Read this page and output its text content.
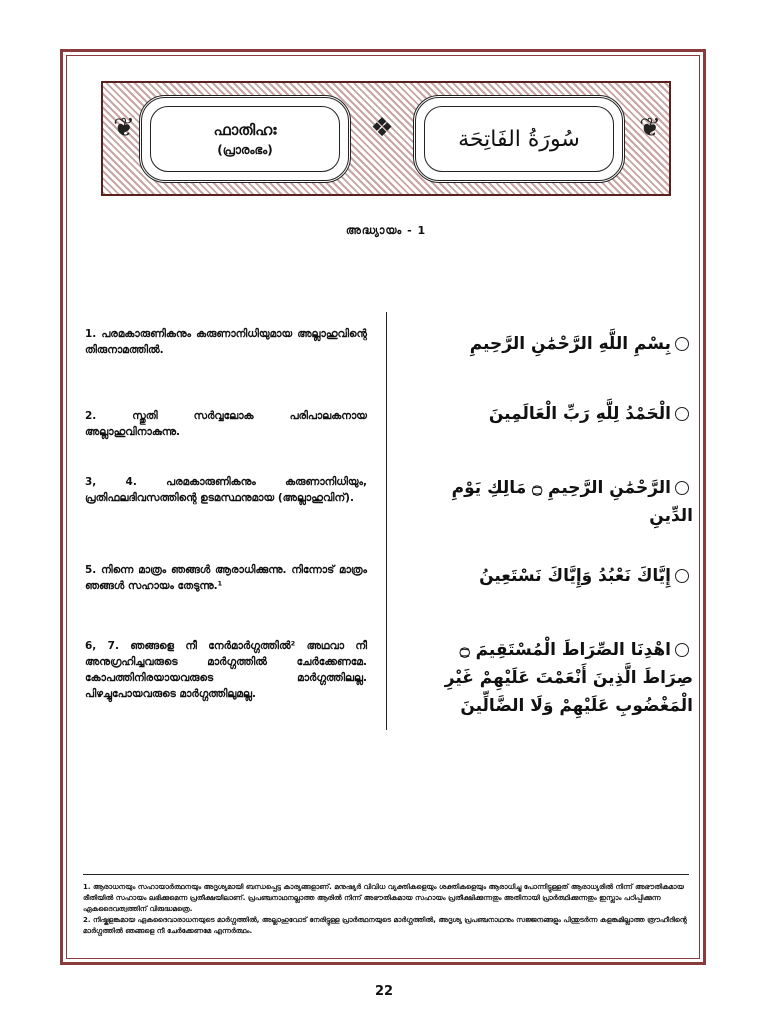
❦	ഫാതിഹഃ
(പ്രാരംഭം)
❖	سُورَةُ الفَاتِحَة ❦
അദ്ധ്യായം - 1
1. പരമകാരുണികനും കരുണാനിധിയുമായ അല്ലാഹുവിന്റെ തിരുനാമത്തിൽ.
2. സ്തുതി സർവ്വലോക പരിപാലകനായ അല്ലാഹുവിനാകുന്നു.
3, 4. പരമകാരുണികനും കരുണാനിധിയും, പ്രതിഫലദിവസത്തിന്റെ ഉടമസ്ഥനുമായ (അല്ലാഹുവിന്).
5. നിന്നെ മാത്രം ഞങ്ങൾ ആരാധിക്കുന്നു. നിന്നോട് മാത്രം ഞങ്ങൾ സഹായം തേടുന്നു.¹
6, 7. ഞങ്ങളെ നീ നേർമാർഗ്ഗത്തിൽ² അഥവാ നീ അനുഗ്രഹിച്ചവരുടെ മാർഗ്ഗത്തിൽ ചേർക്കേണമേ. കോപത്തിനിരയായവരുടെ മാർഗ്ഗത്തിലല്ല. പിഴച്ചുപോയവരുടെ മാർഗ്ഗത്തിലുമല്ല.
بِسْمِ اللَّهِ الرَّحْمَٰنِ الرَّحِيمِ
الْحَمْدُ لِلَّهِ رَبِّ الْعَالَمِينَ
الرَّحْمَٰنِ الرَّحِيمِ ۝ مَالِكِ يَوْمِ الدِّينِ
إِيَّاكَ نَعْبُدُ وَإِيَّاكَ نَسْتَعِينُ
اهْدِنَا الصِّرَاطَ الْمُسْتَقِيمَ ۝ صِرَاطَ الَّذِينَ أَنْعَمْتَ عَلَيْهِمْ غَيْرِ الْمَغْضُوبِ عَلَيْهِمْ وَلَا الضَّالِّينَ
1. ആരാധനയും സഹായാർത്ഥനയും അദൃശ്യമായി ബന്ധപ്പെട്ട കാര്യങ്ങളാണ്. മനുഷ്യർ വിവിധ വ്യക്തികളെയും ശക്തികളെയും ആരാധിച്ചു പോന്നിട്ടുള്ളത് ആരാധ്യരിൽ നിന്ന് അഭൗതികമായ രീതിയിൽ സഹായം ലഭിക്കുമെന്ന പ്രതീക്ഷയിലാണ്. പ്രപഞ്ചനാഥനല്ലാത്ത ആരിൽ നിന്ന് അഭൗതികമായ സഹായം പ്രതീക്ഷിക്കുന്നതും അതിനായി പ്രാർത്ഥിക്കുന്നതും ഇസ്ലാം പഠിപ്പിക്കുന്ന ഏകദൈവത്വത്തിന് വിരുദ്ധമത്രെ.
2. നിഷ്കളങ്കമായ ഏകദൈവാരാധനയുടെ മാർഗ്ഗത്തിൽ, അല്ലാഹുവോട് നേരിട്ടുള്ള പ്രാർത്ഥനയുടെ മാർഗ്ഗത്തിൽ, അദൃശ്യ പ്രപഞ്ചനാഥനും സജ്ജനങ്ങളും പിന്തുടർന്ന കളങ്കമില്ലാത്ത ത്രൗഹീദിന്റെ മാർഗ്ഗത്തിൽ ഞങ്ങളെ നീ ചേർക്കേണമേ എന്നർത്ഥം.
22
